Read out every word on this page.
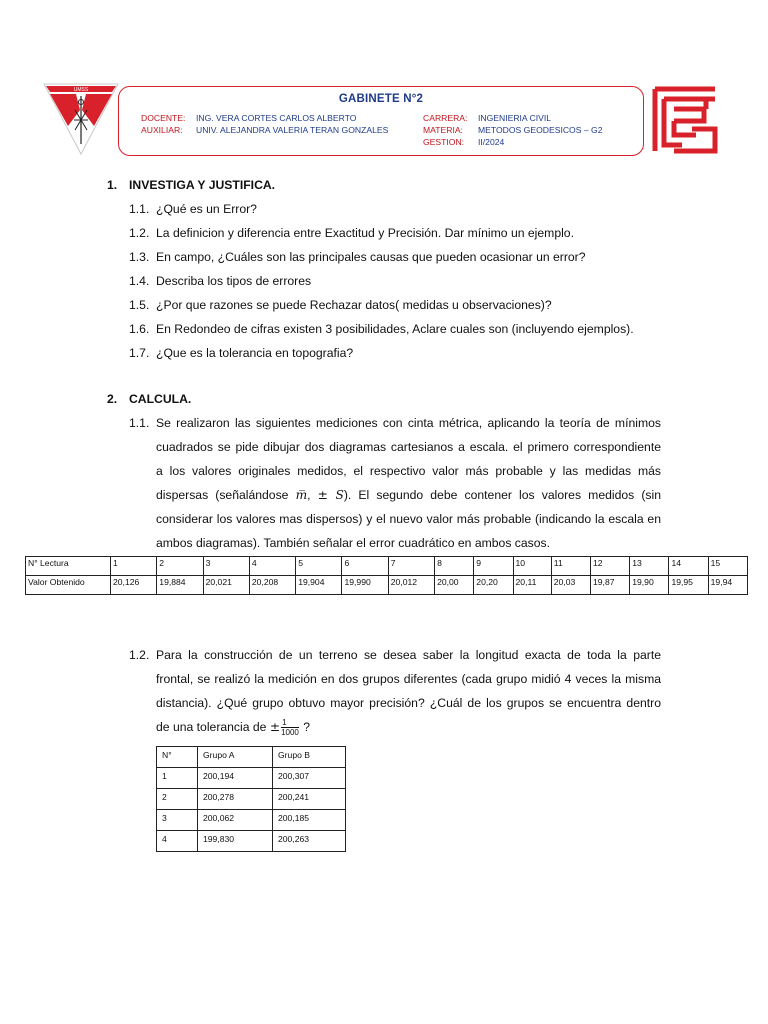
UMSS
GABINETE N°2
DOCENTE: ING. VERA CORTES CARLOS ALBERTO
AUXILIAR: UNIV. ALEJANDRA VALERIA TERAN GONZALES
CARRERA: INGENIERIA CIVIL
MATERIA: METODOS GEODESICOS – G2
GESTION: II/2024
1. INVESTIGA Y JUSTIFICA.
1.1. ¿Qué es un Error?
1.2. La definicion y diferencia entre Exactitud y Precisión. Dar mínimo un ejemplo.
1.3. En campo, ¿Cuáles son las principales causas que pueden ocasionar un error?
1.4. Describa los tipos de errores
1.5. ¿Por que razones se puede Rechazar datos( medidas u observaciones)?
1.6. En Redondeo de cifras existen 3 posibilidades, Aclare cuales son (incluyendo ejemplos).
1.7. ¿Que es la tolerancia en topografia?
2. CALCULA.
1.1. Se realizaron las siguientes mediciones con cinta métrica, aplicando la teoría de mínimos
cuadrados se pide dibujar dos diagramas cartesianos a escala. el primero correspondiente
a los valores originales medidos, el respectivo valor más probable y las medidas más
dispersas (señalándose m̅, ± S). El segundo debe contener los valores medidos (sin
considerar los valores mas dispersos) y el nuevo valor más probable (indicando la escala en
ambos diagramas). También señalar el error cuadrático en ambos casos.
N° Lectura	1	2	3	4	5	6	7	8	9	10	11	12	13	14	15
Valor Obtenido	20,126	19,884	20,021	20,208	19,904	19,990	20,012	20,00	20,20	20,11	20,03	19,87	19,90	19,95	19,94
1.2. Para la construcción de un terreno se desea saber la longitud exacta de toda la parte
frontal, se realizó la medición en dos grupos diferentes (cada grupo midió 4 veces la misma
distancia). ¿Qué grupo obtuvo mayor precisión? ¿Cuál de los grupos se encuentra dentro
de una tolerancia de ± $\frac{1}{1000}$ ?
N°	Grupo A	Grupo B
1	200,194	200,307
2	200,278	200,241
3	200,062	200,185
4	199,830	200,263
